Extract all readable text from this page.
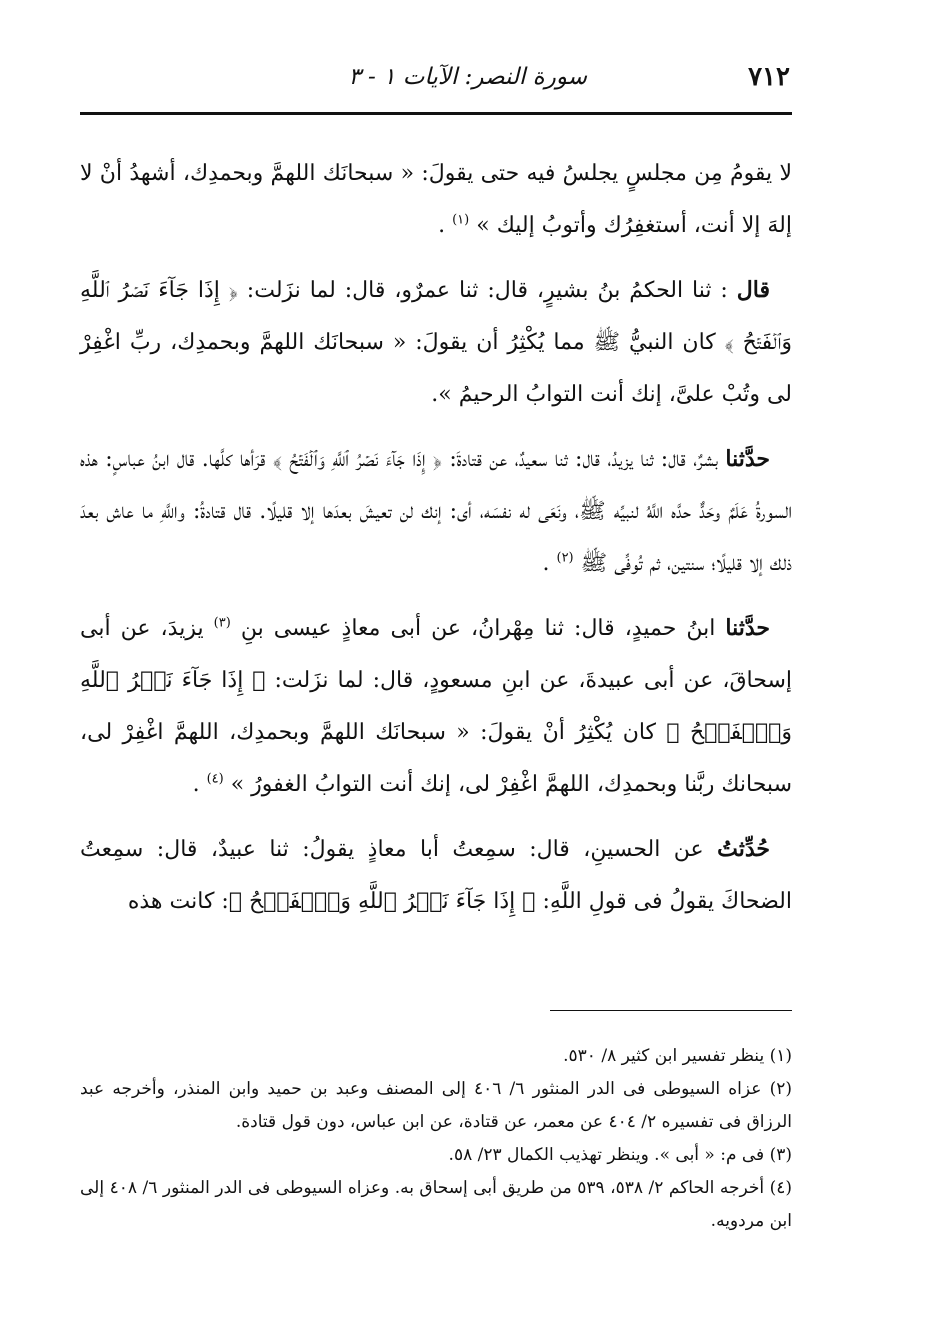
٧١٢
سورة النصر: الآيات ١ - ٣

لا يقومُ مِن مجلسٍ يجلسُ فيه حتى يقولَ: « سبحانَك اللهمَّ وبحمدِك، أشهدُ أنْ لا إلهَ إلا أنت، أستغفِرُك وأتوبُ إليك » $^{(١)}$ .

قال : ثنا الحكمُ بنُ بشيرٍ، قال: ثنا عمرٌو، قال: لما نزَلت: ﴿ إِذَا جَآءَ نَصۡرُ ٱللَّهِ وَٱلۡفَتۡحُ ﴾ كان النبيُّ ﷺ مما يُكْثِرُ أن يقولَ: « سبحانَك اللهمَّ وبحمدِك، ربِّ اغْفِرْ لى وتُبْ علىَّ، إنك أنت التوابُ الرحيمُ ».

حدَّثنا بشرٌ، قال: ثنا يزيدُ، قال: ثنا سعيدٌ، عن قتادةَ: ﴿ إِذَا جَآءَ نَصۡرُ ٱللَّهِ وَٱلۡفَتۡحُ ﴾ قرَأها كلَّها. قال ابنُ عباسٍ: هذه السورةُ عَلَمٌ وحَدٌّ حدَّه اللَّهُ لنبيِّه ﷺ، ونَعَى له نفسَه، أى: إنك لن تعيشَ بعدَها إلا قليلًا. قال قتادةُ: واللَّهِ ما عاش بعدَ ذلك إلا قليلًا؛ سنتين، ثم تُوفِّى ﷺ $^{(٢)}$ .

حدَّثنا ابنُ حميدٍ، قال: ثنا مِهْرانُ، عن أبى معاذٍ عيسى بنِ $^{(٣)}$ يزيدَ، عن أبى إسحاقَ، عن أبى عبيدةَ، عن ابنِ مسعودٍ، قال: لما نزَلت: ﴿ إِذَا جَآءَ نَصۡرُ ٱللَّهِ وَٱلۡفَتۡحُ ﴾ كان يُكْثِرُ أنْ يقولَ: « سبحانَك اللهمَّ وبحمدِك، اللهمَّ اغْفِرْ لى، سبحانك ربَّنا وبحمدِك، اللهمَّ اغْفِرْ لى، إنك أنت التوابُ الغفورُ » $^{(٤)}$ .

حُدِّثتُ عن الحسينِ، قال: سمِعتُ أبا معاذٍ يقولُ: ثنا عبيدٌ، قال: سمِعتُ الضحاكَ يقولُ فى قولِ اللَّهِ: ﴿ إِذَا جَآءَ نَصۡرُ ٱللَّهِ وَٱلۡفَتۡحُ ﴾: كانت هذه

(١) ينظر تفسير ابن كثير ٨/ ٥٣٠.

(٢) عزاه السيوطى فى الدر المنثور ٦/ ٤٠٦ إلى المصنف وعبد بن حميد وابن المنذر، وأخرجه عبد الرزاق فى تفسيره ٢/ ٤٠٤ عن معمر، عن قتادة، عن ابن عباس، دون قول قتادة.

(٣) فى م: « أبى ». وينظر تهذيب الكمال ٢٣/ ٥٨.

(٤) أخرجه الحاكم ٢/ ٥٣٨، ٥٣٩ من طريق أبى إسحاق به. وعزاه السيوطى فى الدر المنثور ٦/ ٤٠٨ إلى ابن مردويه.
